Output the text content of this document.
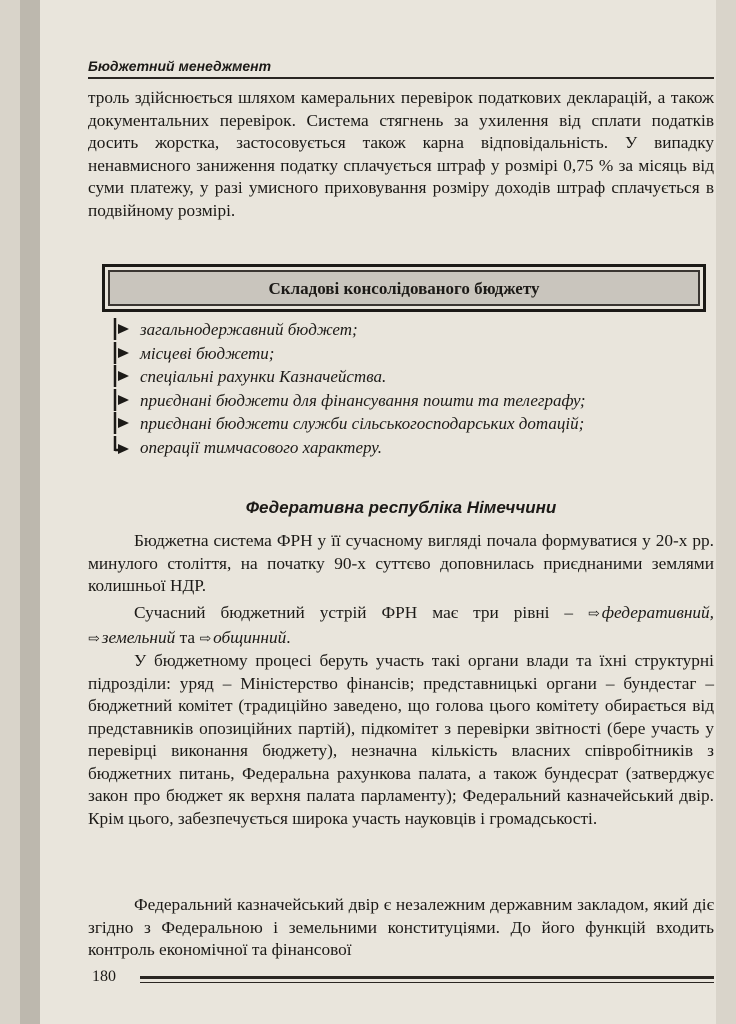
Бюджетний менеджмент

троль здійснюється шляхом камеральних перевірок податкових декларацій, а також документальних перевірок. Система стягнень за ухилення від сплати податків досить жорстка, застосовується також карна відповідальність. У випадку ненавмисного заниження податку сплачується штраф у розмірі 0,75 % за місяць від суми платежу, у разі умисного приховування розміру доходів штраф сплачується в подвійному розмірі.

Складові консолідованого бюджету
загальнодержавний бюджет;
місцеві бюджети;
спеціальні рахунки Казначейства.
приєднані бюджети для фінансування пошти та телеграфу;
приєднані бюджети служби сільськогосподарських дотацій;
операції тимчасового характеру.
Федеративна республіка Німеччини

Бюджетна система ФРН у її сучасному вигляді почала формуватися у 20-х рр. минулого століття, на початку 90-х суттєво доповнилась приєднаними землями колишньої НДР.

Сучасний бюджетний устрій ФРН має три рівні – ⇨ федеративний, ⇨ земельний та ⇨ общинний.

У бюджетному процесі беруть участь такі органи влади та їхні структурні підрозділи: уряд – Міністерство фінансів; представницькі органи – бундестаг – бюджетний комітет (традиційно заведено, що голова цього комітету обирається від представників опозиційних партій), підкомітет з перевірки звітності (бере участь у перевірці виконання бюджету), незначна кількість власних співробітників з бюджетних питань, Федеральна рахункова палата, а також бундесрат (затверджує закон про бюджет як верхня палата парламенту); Федеральний казначейський двір. Крім цього, забезпечується широка участь науковців і громадськості.

Федеральний казначейський двір є незалежним державним закладом, який діє згідно з Федеральною і земельними конституціями. До його функцій входить контроль економічної та фінансової

180
